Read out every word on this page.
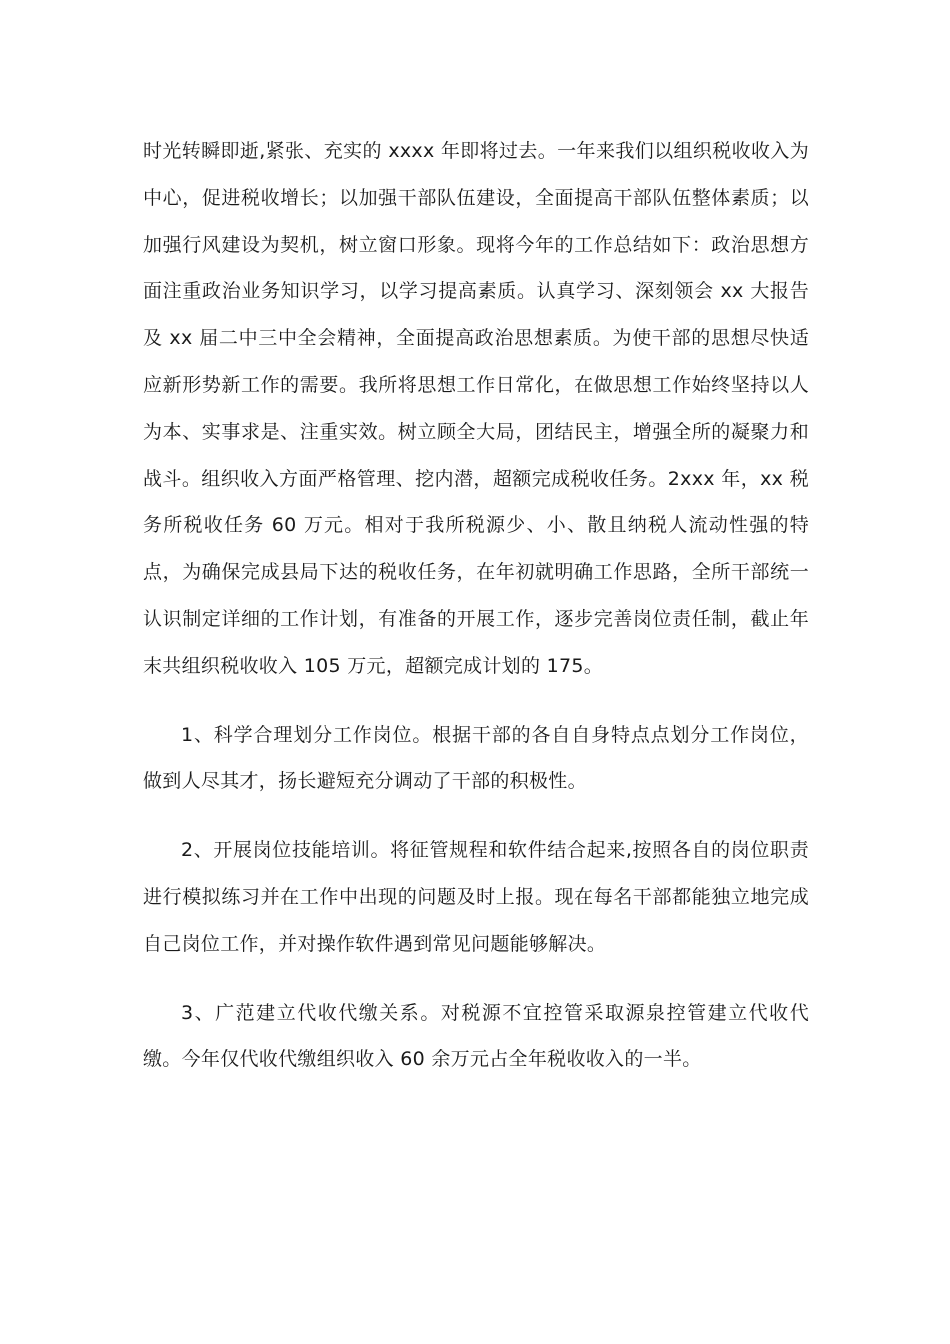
时光转瞬即逝,紧张、充实的 xxxx 年即将过去。一年来我们以组织税收收入为中心，促进税收增长；以加强干部队伍建设，全面提高干部队伍整体素质；以加强行风建设为契机，树立窗口形象。现将今年的工作总结如下：政治思想方面注重政治业务知识学习，以学习提高素质。认真学习、深刻领会 xx 大报告及 xx 届二中三中全会精神，全面提高政治思想素质。为使干部的思想尽快适应新形势新工作的需要。我所将思想工作日常化，在做思想工作始终坚持以人为本、实事求是、注重实效。树立顾全大局，团结民主，增强全所的凝聚力和战斗。组织收入方面严格管理、挖内潜，超额完成税收任务。2xxx 年，xx 税务所税收任务 60 万元。相对于我所税源少、小、散且纳税人流动性强的特点，为确保完成县局下达的税收任务，在年初就明确工作思路，全所干部统一认识制定详细的工作计划，有准备的开展工作，逐步完善岗位责任制，截止年末共组织税收收入 105 万元，超额完成计划的 175。

1、科学合理划分工作岗位。根据干部的各自自身特点点划分工作岗位，做到人尽其才，扬长避短充分调动了干部的积极性。

2、开展岗位技能培训。将征管规程和软件结合起来,按照各自的岗位职责进行模拟练习并在工作中出现的问题及时上报。现在每名干部都能独立地完成自己岗位工作，并对操作软件遇到常见问题能够解决。

3、广范建立代收代缴关系。对税源不宜控管采取源泉控管建立代收代缴。今年仅代收代缴组织收入 60 余万元占全年税收收入的一半。
